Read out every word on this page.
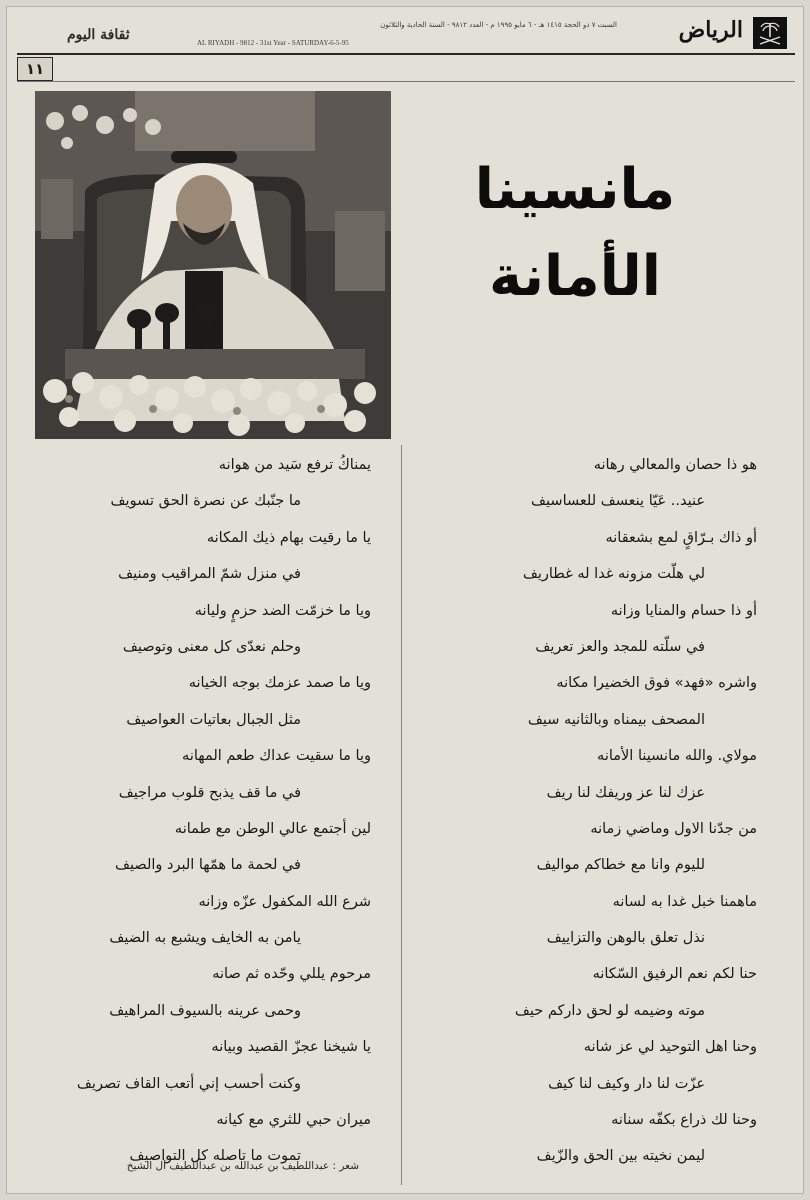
الرياض
السبت ٧ ذو الحجة ١٤١٥ هـ - ٦ مايو ١٩٩٥ م - العدد ٩٨١٢ - السنة الحادية والثلاثون
AL RIYADH - 9812 - 31st Year - SATURDAY-6-5-95
ثقافة اليوم
١١
مانسينا
الأمانة
هو ذا حصان والمعالي رهانه
عنيد.. عَيّا ينعسف للعساسيف
أو ذاك بـرّاقٍ لمع بشعقانه
لي هلّت مزونه غدا له غطاريف
أو ذا حسام والمنايا وزانه
في سلّته للمجد والعز تعريف
واشره «فهد» فوق الخضيرا مكانه
المصحف بيمناه وبالثانيه سيف
مولاي. والله مانسينا الأمانه
عزك لنا عز وريفك لنا ريف
من جدّنا الاول وماضي زمانه
لليوم وانا مع خطاكم مواليف
ماهمنا خبل غدا به لسانه
نذل تعلق بالوهن والتزاييف
حنا لكم نعم الرفيق السّكانه
موته وضيمه لو لحق داركم حيف
وحنا اهل التوحيد لي عز شانه
عزّت لنا دار وكيف لنا كيف
وحنا لك ذراع بكفّه سنانه
ليمن نخيته بين الحق والزّيف
يمناكُ ترفع سَيد من هوانه
ما جنّبك عن نصرة الحق تسويف
يا ما رقيت بهام ذيك المكانه
في منزل شمّ المراقيب ومنيف
ويا ما خزمّت الضد حزمٍ وليانه
وحلم نعدّى كل معنى وتوصيف
ويا ما صمد عزمك بوجه الخيانه
مثل الجبال بعاتيات العواصيف
ويا ما سقيت عداك طعم المهانه
في ما قف يذبح قلوب مراجيف
لين أجتمع عالي الوطن مع طمانه
في لحمة ما همّها البرد والصيف
شرع الله المكفول عزّه وزانه
يامن به الخايف ويشبع به الضيف
مرحوم يللي وحّده ثم صانه
وحمى عرينه بالسيوف المراهيف
يا شيخنا عجزّ القصيد وبيانه
وكنت أحسب إني أتعب القاف تصريف
ميران حبي للثري مع كيانه
تموت ما تاصله كل التواصيف
شعر : عبداللطيف بن عبدالله بن عبداللطيف آل الشيخ
